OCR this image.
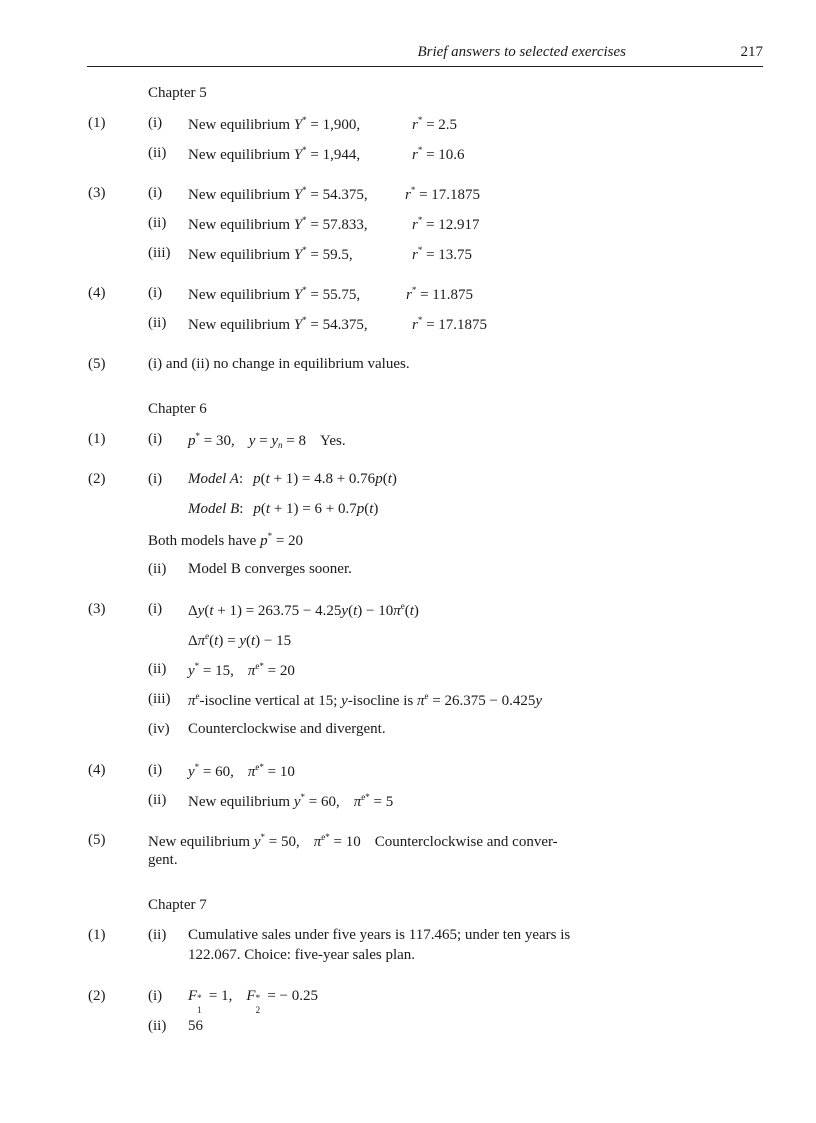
Brief answers to selected exercises	217
Chapter 5
(1)	(i) New equilibrium Y* = 1,900,	r* = 2.5
(ii) New equilibrium Y* = 1,944,	r* = 10.6
(3)	(i) New equilibrium Y* = 54.375, r* = 17.1875
(ii) New equilibrium Y* = 57.833,	r* = 12.917
(iii) New equilibrium Y* = 59.5,	r* = 13.75
(4)	(i) New equilibrium Y* = 55.75,	r* = 11.875
(ii) New equilibrium Y* = 54.375,	r* = 17.1875
(5)	(i) and (ii) no change in equilibrium values.
Chapter 6
(1)	(i) p* = 30, $y = y_n = 8$ Yes.
(2)	(i) Model A: p(t + 1) = 4.8 + 0.76p(t)
Model B: p(t + 1) = 6 + 0.7p(t)
Both models have p* = 20
(ii) Model B converges sooner.
(3)	(i) $\Delta y(t + 1) = 263.75 - 4.25y(t) - 10\pi^e(t)$
$\Delta\pi^e(t) = y(t) - 15$
(ii) y* = 15, $\pi^{e*} = 20$
(iii) $\pi^e$-isocline vertical at 15; y-isocline is $\pi^e = 26.375 - 0.425y$
(iv) Counterclockwise and divergent.
(4)	(i) y* = 60, $\pi^{e*} = 10$
(ii) New equilibrium y* = 60, $\pi^{e*} = 5$
(5)	New equilibrium y* = 50, $\pi^{e*} = 10$ Counterclockwise and conver-
gent.
Chapter 7
(1)	(ii) Cumulative sales under five years is 117.465; under ten years is
122.067. Choice: five-year sales plan.
(2)	(i) F *
1
= 1, F *
2
= − 0.25
(ii) 56
